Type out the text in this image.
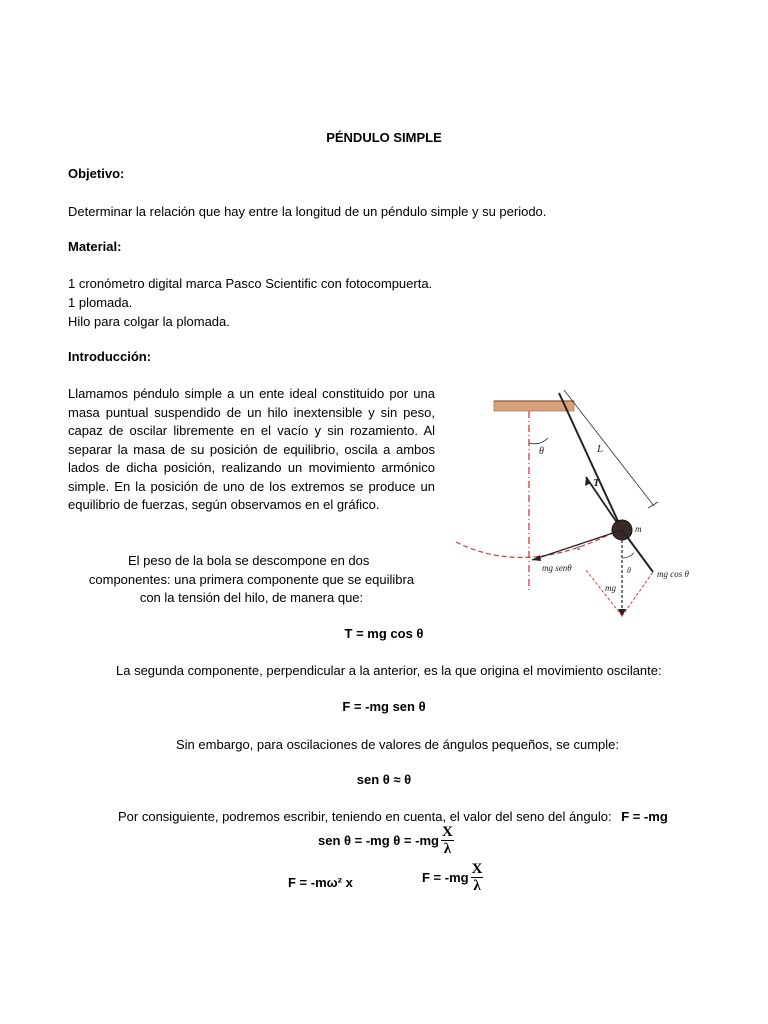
PÉNDULO SIMPLE
Objetivo:
Determinar la relación que hay entre la longitud de un péndulo simple y su periodo.
Material:
1 cronómetro digital marca Pasco Scientific con fotocompuerta.
1 plomada.
Hilo para colgar la plomada.
Introducción:
Llamamos péndulo simple a un ente ideal constituido por una masa puntual suspendido de un hilo inextensible y sin peso, capaz de oscilar libremente en el vacío y sin rozamiento. Al separar la masa de su posición de equilibrio, oscila a ambos lados de dicha posición, realizando un movimiento armónico simple. En la posición de uno de los extremos se produce un equilibrio de fuerzas, según observamos en el gráfico.
El peso de la bola se descompone en dos
componentes: una primera componente que se equilibra
con la tensión del hilo, de manera que:
θ	L
T
m
s
mg senθ	θ
mg
mg cos θ
T = mg cos θ
La segunda componente, perpendicular a la anterior, es la que origina el movimiento oscilante:
F = -mg sen θ
Sin embargo, para oscilaciones de valores de ángulos pequeños, se cumple:
sen θ ≈ θ
Por consiguiente, podremos escribir, teniendo en cuenta, el valor del seno del ángulo: F = -mg
sen θ = -mg $\theta = -mg \frac{X}{\lambda}$
F = -mω² x	$F = -mg \frac{X}{\lambda}$
